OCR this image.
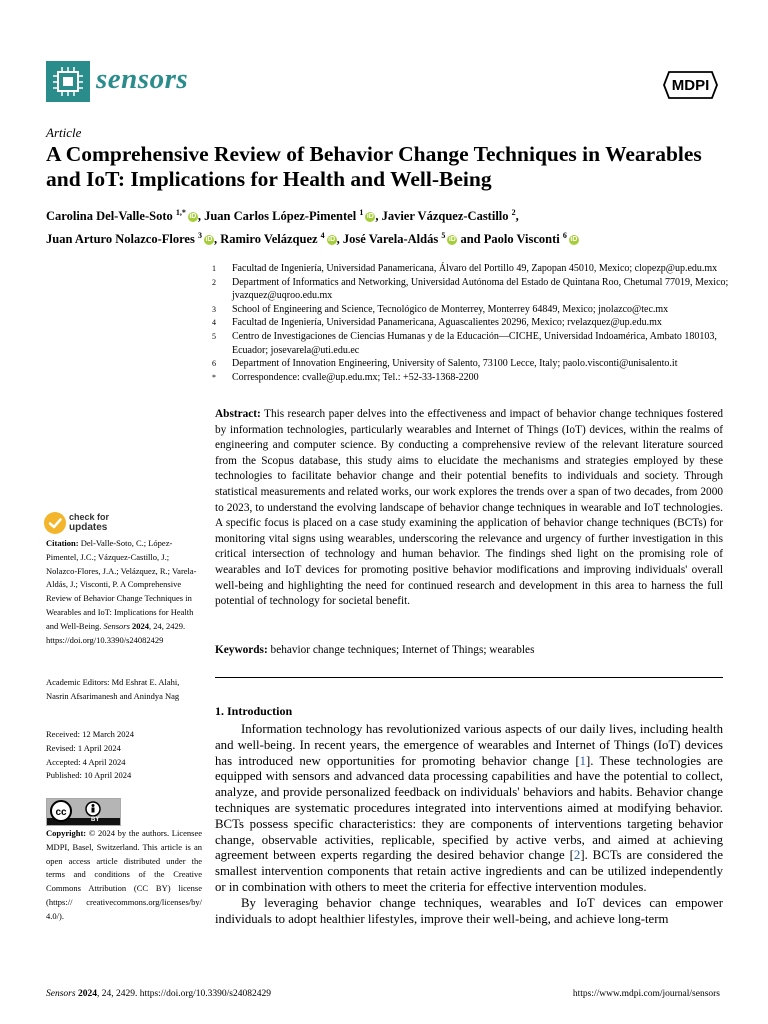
sensors	MDPI
Article
A Comprehensive Review of Behavior Change Techniques in Wearables and IoT: Implications for Health and Well-Being
Carolina Del-Valle-Soto $^{1,*}$ iD , Juan Carlos López-Pimentel $^1$ iD , Javier Vázquez-Castillo $^2$,
Juan Arturo Nolazco-Flores $^3$ iD , Ramiro Velázquez $^4$ iD , José Varela-Aldás $^5$ iD and Paolo Visconti $^6$ iD
1	Facultad de Ingeniería, Universidad Panamericana, Álvaro del Portillo 49, Zapopan 45010, Mexico; clopezp@up.edu.mx
2	Department of Informatics and Networking, Universidad Autónoma del Estado de Quintana Roo, Chetumal 77019, Mexico; jvazquez@uqroo.edu.mx
3	School of Engineering and Science, Tecnológico de Monterrey, Monterrey 64849, Mexico; jnolazco@tec.mx
4	Facultad de Ingeniería, Universidad Panamericana, Aguascalientes 20296, Mexico; rvelazquez@up.edu.mx
5	Centro de Investigaciones de Ciencias Humanas y de la Educación—CICHE, Universidad Indoamérica, Ambato 180103, Ecuador; josevarela@uti.edu.ec
6	Department of Innovation Engineering, University of Salento, 73100 Lecce, Italy; paolo.visconti@unisalento.it
*	Correspondence: cvalle@up.edu.mx; Tel.: +52-33-1368-2200
Abstract: This research paper delves into the effectiveness and impact of behavior change techniques fostered by information technologies, particularly wearables and Internet of Things (IoT) devices, within the realms of engineering and computer science. By conducting a comprehensive review of the relevant literature sourced from the Scopus database, this study aims to elucidate the mechanisms and strategies employed by these technologies to facilitate behavior change and their potential benefits to individuals and society. Through statistical measurements and related works, our work explores the trends over a span of two decades, from 2000 to 2023, to understand the evolving landscape of behavior change techniques in wearable and IoT technologies. A specific focus is placed on a case study examining the application of behavior change techniques (BCTs) for monitoring vital signs using wearables, underscoring the relevance and urgency of further investigation in this critical intersection of technology and human behavior. The findings shed light on the promising role of wearables and IoT devices for promoting positive behavior modifications and improving individuals' overall well-being and highlighting the need for continued research and development in this area to harness the full potential of technology for societal benefit.
Keywords: behavior change techniques; Internet of Things; wearables
1. Introduction

Information technology has revolutionized various aspects of our daily lives, including health and well-being. In recent years, the emergence of wearables and Internet of Things (IoT) devices has introduced new opportunities for promoting behavior change [1]. These technologies are equipped with sensors and advanced data processing capabilities and have the potential to collect, analyze, and provide personalized feedback on individuals' behaviors and habits. Behavior change techniques are systematic procedures integrated into interventions aimed at modifying behavior. BCTs possess specific characteristics: they are components of interventions targeting behavior change, observable activities, replicable, specified by active verbs, and aimed at achieving agreement between experts regarding the desired behavior change [2]. BCTs are considered the smallest intervention components that retain active ingredients and can be utilized independently or in combination with others to meet the criteria for effective intervention modules.

By leveraging behavior change techniques, wearables and IoT devices can empower individuals to adopt healthier lifestyles, improve their well-being, and achieve long-term

check for
updates
Citation: Del-Valle-Soto, C.; López-Pimentel, J.C.; Vázquez-Castillo, J.; Nolazco-Flores, J.A.; Velázquez, R.; Varela-Aldás, J.; Visconti, P. A Comprehensive Review of Behavior Change Techniques in Wearables and IoT: Implications for Health and Well-Being. Sensors 2024, 24, 2429. https://doi.org/10.3390/s24082429
Academic Editors: Md Eshrat E. Alahi, Nasrin Afsarimanesh and Anindya Nag
Received: 12 March 2024
Revised: 1 April 2024
Accepted: 4 April 2024
Published: 10 April 2024
cc
BY
Copyright: © 2024 by the authors. Licensee MDPI, Basel, Switzerland. This article is an open access article distributed under the terms and conditions of the Creative Commons Attribution (CC BY) license (https:// creativecommons.org/licenses/by/ 4.0/).
Sensors 2024, 24, 2429. https://doi.org/10.3390/s24082429	https://www.mdpi.com/journal/sensors
